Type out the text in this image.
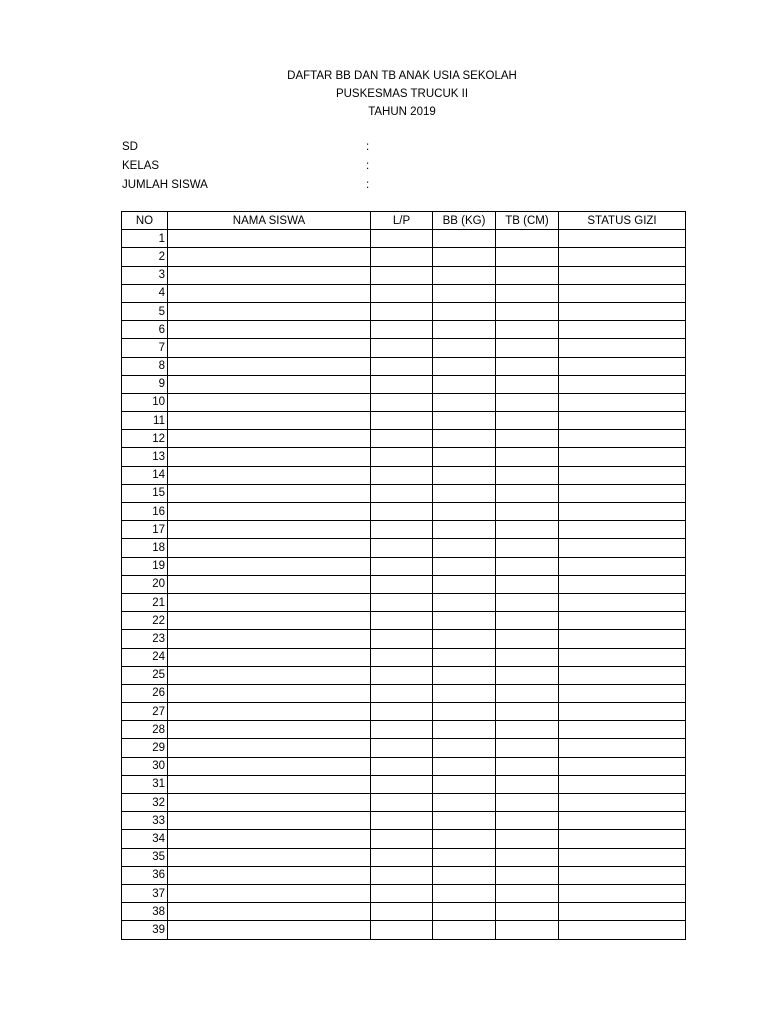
DAFTAR BB DAN TB ANAK USIA SEKOLAH
PUSKESMAS TRUCUK II
TAHUN 2019
SD	:
KELAS	:
JUMLAH SISWA	:
NO	NAMA SISWA	L/P	BB (KG)	TB (CM)	STATUS GIZI
1					
2					
3					
4					
5					
6					
7					
8					
9					
10					
11					
12					
13					
14					
15					
16					
17					
18					
19					
20					
21					
22					
23					
24					
25					
26					
27					
28					
29					
30					
31					
32					
33					
34					
35					
36					
37					
38					
39					
